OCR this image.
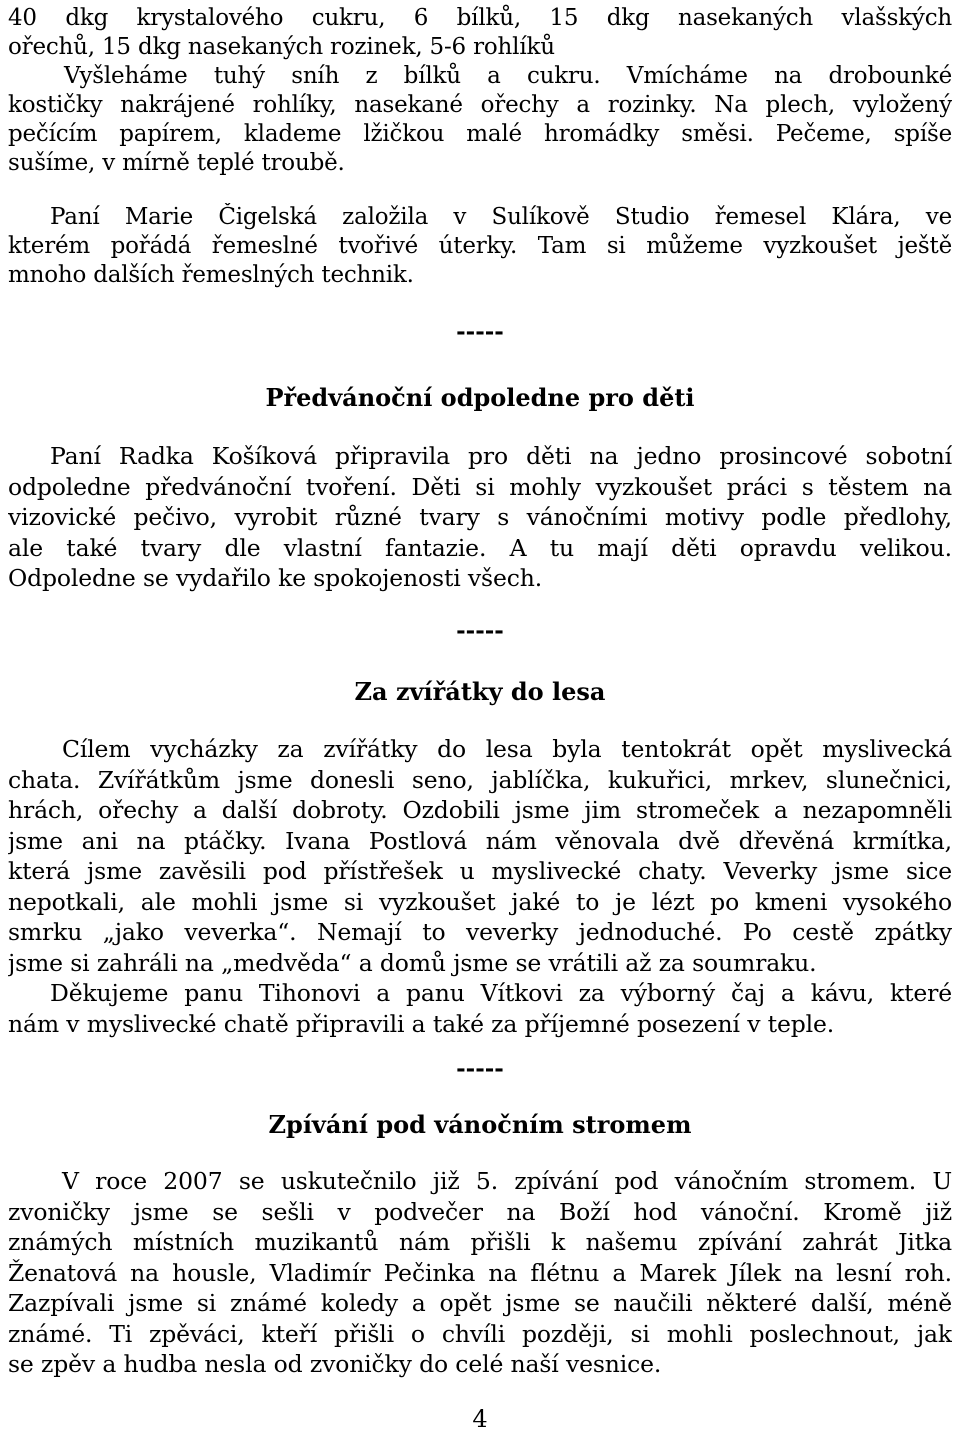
40 dkg krystalového cukru, 6 bílků, 15 dkg nasekaných vlašských
ořechů, 15 dkg nasekaných rozinek, 5-6 rohlíků
Vyšleháme tuhý sníh z bílků a cukru. Vmícháme na drobounké
kostičky nakrájené rohlíky, nasekané ořechy a rozinky. Na plech, vyložený
pečícím papírem, klademe lžičkou malé hromádky směsi. Pečeme, spíše
sušíme, v mírně teplé troubě.
Paní Marie Čigelská založila v Sulíkově Studio řemesel Klára, ve
kterém pořádá řemeslné tvořivé úterky. Tam si můžeme vyzkoušet ještě
mnoho dalších řemeslných technik.
-----
Předvánoční odpoledne pro děti
Paní Radka Košíková připravila pro děti na jedno prosincové sobotní
odpoledne předvánoční tvoření. Děti si mohly vyzkoušet práci s těstem na
vizovické pečivo, vyrobit různé tvary s vánočními motivy podle předlohy,
ale také tvary dle vlastní fantazie. A tu mají děti opravdu velikou.
Odpoledne se vydařilo ke spokojenosti všech.
-----
Za zvířátky do lesa
Cílem vycházky za zvířátky do lesa byla tentokrát opět myslivecká
chata. Zvířátkům jsme donesli seno, jablíčka, kukuřici, mrkev, slunečnici,
hrách, ořechy a další dobroty. Ozdobili jsme jim stromeček a nezapomněli
jsme ani na ptáčky. Ivana Postlová nám věnovala dvě dřevěná krmítka,
která jsme zavěsili pod přístřešek u myslivecké chaty. Veverky jsme sice
nepotkali, ale mohli jsme si vyzkoušet jaké to je lézt po kmeni vysokého
smrku „jako veverka“. Nemají to veverky jednoduché. Po cestě zpátky
jsme si zahráli na „medvěda“ a domů jsme se vrátili až za soumraku.
Děkujeme panu Tihonovi a panu Vítkovi za výborný čaj a kávu, které
nám v myslivecké chatě připravili a také za příjemné posezení v teple.
-----
Zpívání pod vánočním stromem
V roce 2007 se uskutečnilo již 5. zpívání pod vánočním stromem. U
zvoničky jsme se sešli v podvečer na Boží hod vánoční. Kromě již
známých místních muzikantů nám přišli k našemu zpívání zahrát Jitka
Ženatová na housle, Vladimír Pečinka na flétnu a Marek Jílek na lesní roh.
Zazpívali jsme si známé koledy a opět jsme se naučili některé další, méně
známé. Ti zpěváci, kteří přišli o chvíli později, si mohli poslechnout, jak
se zpěv a hudba nesla od zvoničky do celé naší vesnice.
4
